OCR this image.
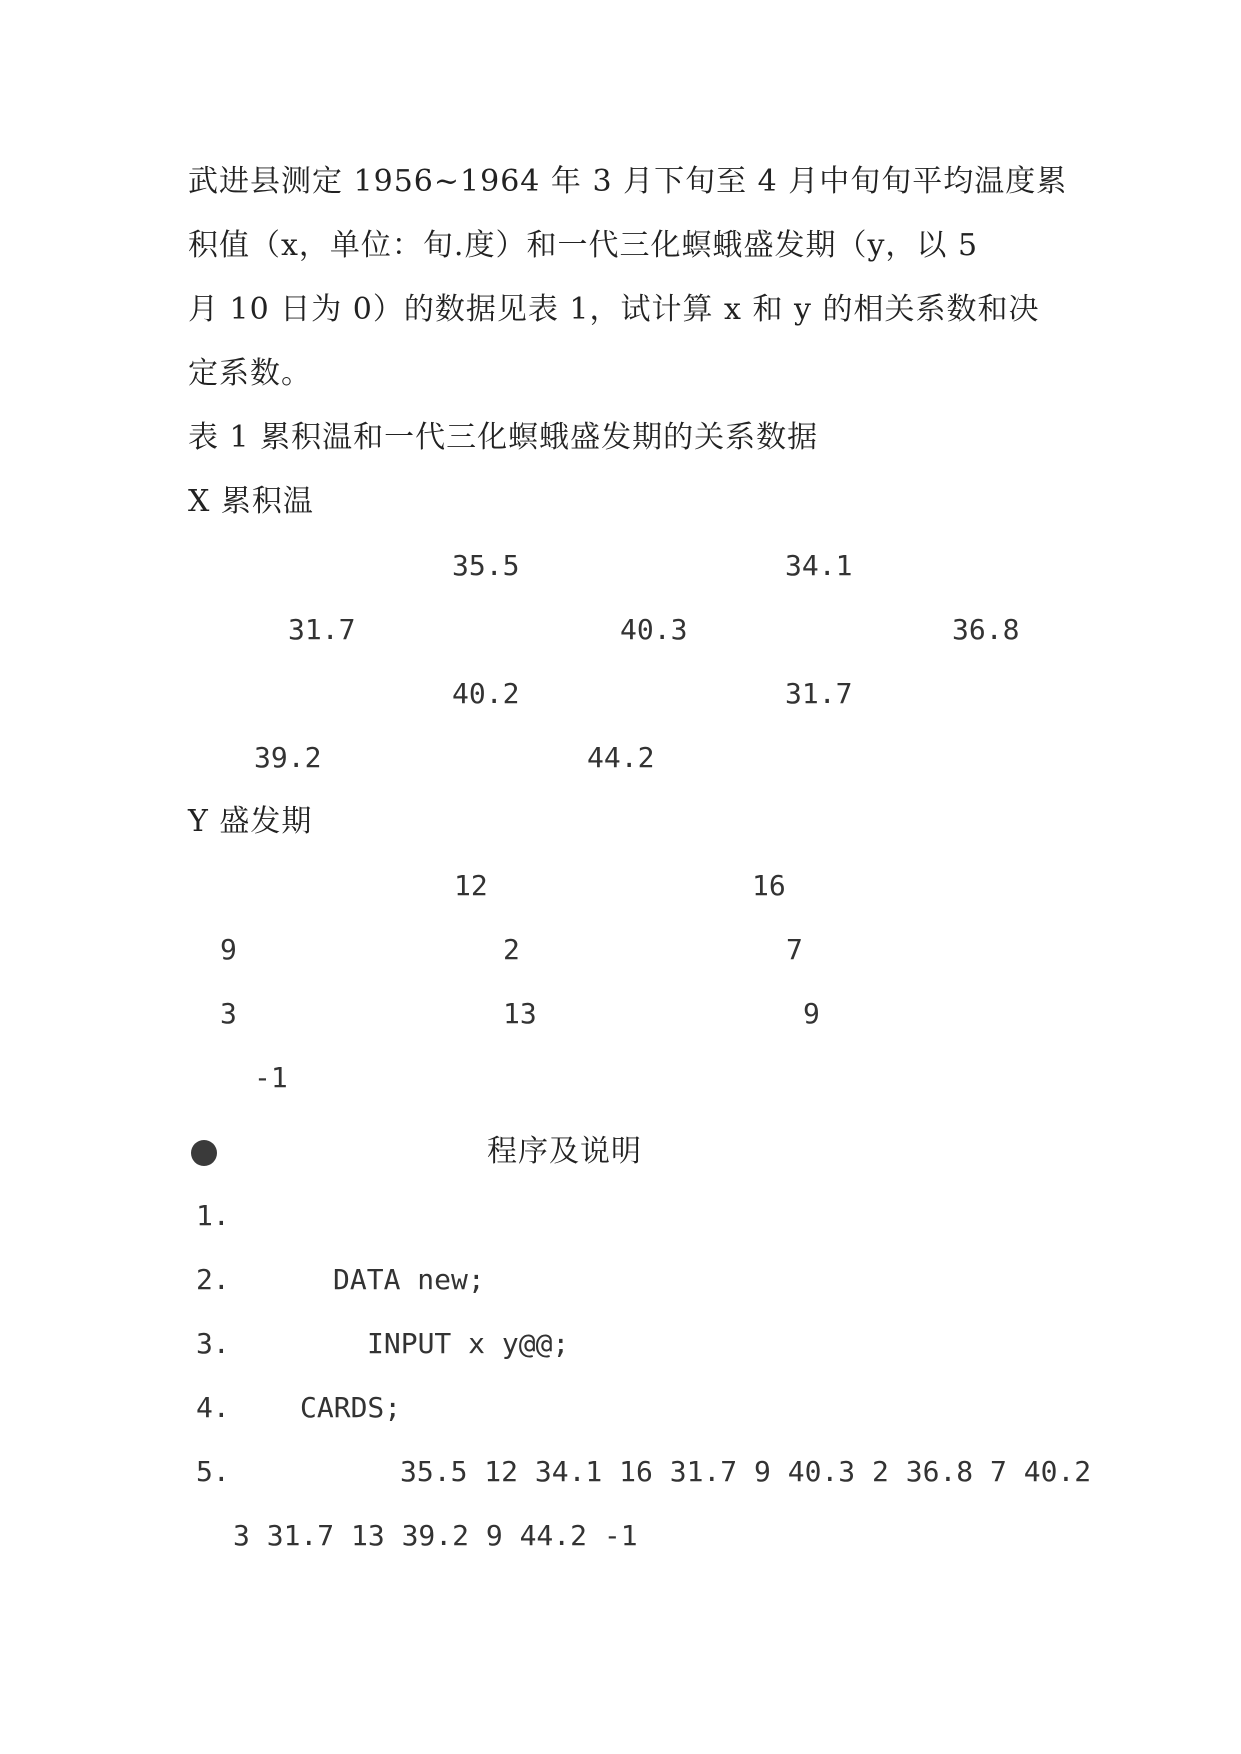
武进县测定 1956~1964 年 3 月下旬至 4 月中旬旬平均温度累
积值（x，单位：旬.度）和一代三化螟蛾盛发期（y，以 5
月 10 日为 0）的数据见表 1，试计算 x 和 y 的相关系数和决
定系数。
表 1 累积温和一代三化螟蛾盛发期的关系数据
X 累积温
35.5	34.1
31.7	40.3	36.8
40.2	31.7
39.2	44.2
Y 盛发期
12	16
9	2	7
3	13	9
-1
程序及说明
1.
2.	DATA new;
3.	INPUT x y@@;
4.	CARDS;
5.	35.5 12 34.1 16 31.7 9 40.3 2 36.8 7 40.2
3 31.7 13 39.2 9 44.2 -1
